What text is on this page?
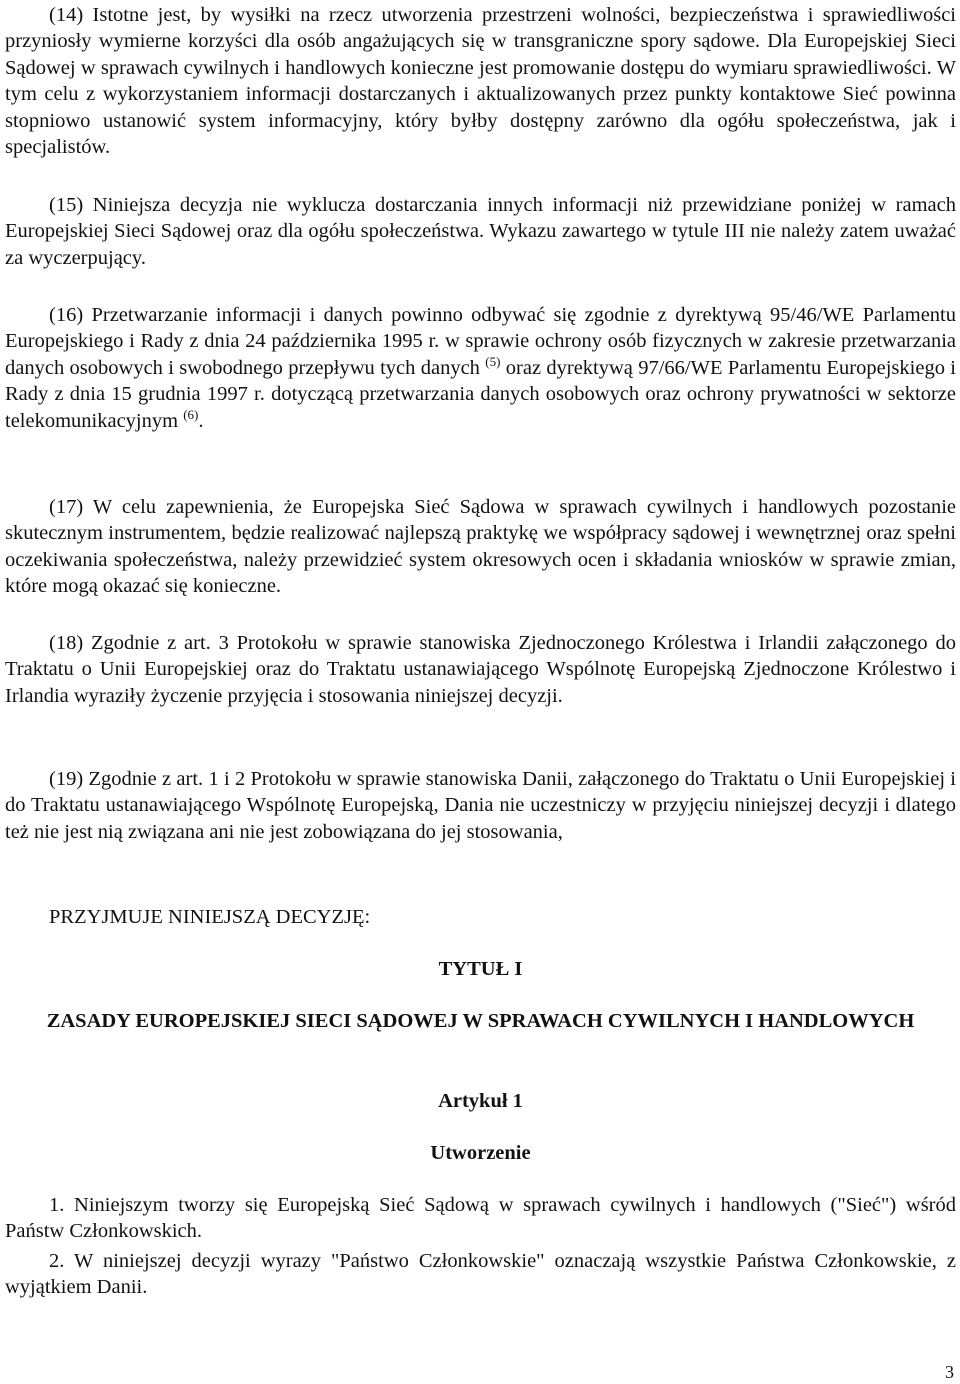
(14) Istotne jest, by wysiłki na rzecz utworzenia przestrzeni wolności, bezpieczeństwa i sprawiedliwości przyniosły wymierne korzyści dla osób angażujących się w transgraniczne spory sądowe. Dla Europejskiej Sieci Sądowej w sprawach cywilnych i handlowych konieczne jest promowanie dostępu do wymiaru sprawiedliwości. W tym celu z wykorzystaniem informacji dostarczanych i aktualizowanych przez punkty kontaktowe Sieć powinna stopniowo ustanowić system informacyjny, który byłby dostępny zarówno dla ogółu społeczeństwa, jak i specjalistów.

(15) Niniejsza decyzja nie wyklucza dostarczania innych informacji niż przewidziane poniżej w ramach Europejskiej Sieci Sądowej oraz dla ogółu społeczeństwa. Wykazu zawartego w tytule III nie należy zatem uważać za wyczerpujący.

(16) Przetwarzanie informacji i danych powinno odbywać się zgodnie z dyrektywą 95/46/WE Parlamentu Europejskiego i Rady z dnia 24 października 1995 r. w sprawie ochrony osób fizycznych w zakresie przetwarzania danych osobowych i swobodnego przepływu tych danych $^{(5)}$ oraz dyrektywą 97/66/WE Parlamentu Europejskiego i Rady z dnia 15 grudnia 1997 r. dotyczącą przetwarzania danych osobowych oraz ochrony prywatności w sektorze telekomunikacyjnym $^{(6)}$.

(17) W celu zapewnienia, że Europejska Sieć Sądowa w sprawach cywilnych i handlowych pozostanie skutecznym instrumentem, będzie realizować najlepszą praktykę we współpracy sądowej i wewnętrznej oraz spełni oczekiwania społeczeństwa, należy przewidzieć system okresowych ocen i składania wniosków w sprawie zmian, które mogą okazać się konieczne.

(18) Zgodnie z art. 3 Protokołu w sprawie stanowiska Zjednoczonego Królestwa i Irlandii załączonego do Traktatu o Unii Europejskiej oraz do Traktatu ustanawiającego Wspólnotę Europejską Zjednoczone Królestwo i Irlandia wyraziły życzenie przyjęcia i stosowania niniejszej decyzji.

(19) Zgodnie z art. 1 i 2 Protokołu w sprawie stanowiska Danii, załączonego do Traktatu o Unii Europejskiej i do Traktatu ustanawiającego Wspólnotę Europejską, Dania nie uczestniczy w przyjęciu niniejszej decyzji i dlatego też nie jest nią związana ani nie jest zobowiązana do jej stosowania,

PRZYJMUJE NINIEJSZĄ DECYZJĘ:

TYTUŁ I

ZASADY EUROPEJSKIEJ SIECI SĄDOWEJ W SPRAWACH CYWILNYCH I HANDLOWYCH

Artykuł 1

Utworzenie

1. Niniejszym tworzy się Europejską Sieć Sądową w sprawach cywilnych i handlowych ("Sieć") wśród Państw Członkowskich.

2. W niniejszej decyzji wyrazy "Państwo Członkowskie" oznaczają wszystkie Państwa Członkowskie, z wyjątkiem Danii.

3
